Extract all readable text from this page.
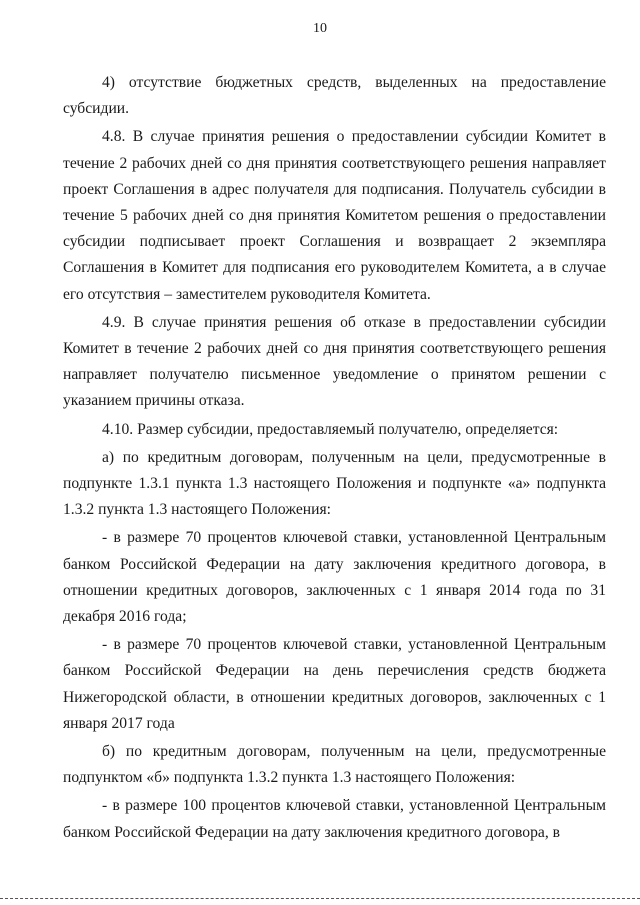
10

4) отсутствие бюджетных средств, выделенных на предоставление субсидии.

4.8. В случае принятия решения о предоставлении субсидии Комитет в течение 2 рабочих дней со дня принятия соответствующего решения направляет проект Соглашения в адрес получателя для подписания. Получатель субсидии в течение 5 рабочих дней со дня принятия Комитетом решения о предоставлении субсидии подписывает проект Соглашения и возвращает 2 экземпляра Соглашения в Комитет для подписания его руководителем Комитета, а в случае его отсутствия – заместителем руководителя Комитета.

4.9. В случае принятия решения об отказе в предоставлении субсидии Комитет в течение 2 рабочих дней со дня принятия соответствующего решения направляет получателю письменное уведомление о принятом решении с указанием причины отказа.

4.10. Размер субсидии, предоставляемый получателю, определяется:

а) по кредитным договорам, полученным на цели, предусмотренные в подпункте 1.3.1 пункта 1.3 настоящего Положения и подпункте «а» подпункта 1.3.2 пункта 1.3 настоящего Положения:

- в размере 70 процентов ключевой ставки, установленной Центральным банком Российской Федерации на дату заключения кредитного договора, в отношении кредитных договоров, заключенных с 1 января 2014 года по 31 декабря 2016 года;

- в размере 70 процентов ключевой ставки, установленной Центральным банком Российской Федерации на день перечисления средств бюджета Нижегородской области, в отношении кредитных договоров, заключенных с 1 января 2017 года

б) по кредитным договорам, полученным на цели, предусмотренные подпунктом «б» подпункта 1.3.2 пункта 1.3 настоящего Положения:

- в размере 100 процентов ключевой ставки, установленной Центральным банком Российской Федерации на дату заключения кредитного договора, в
